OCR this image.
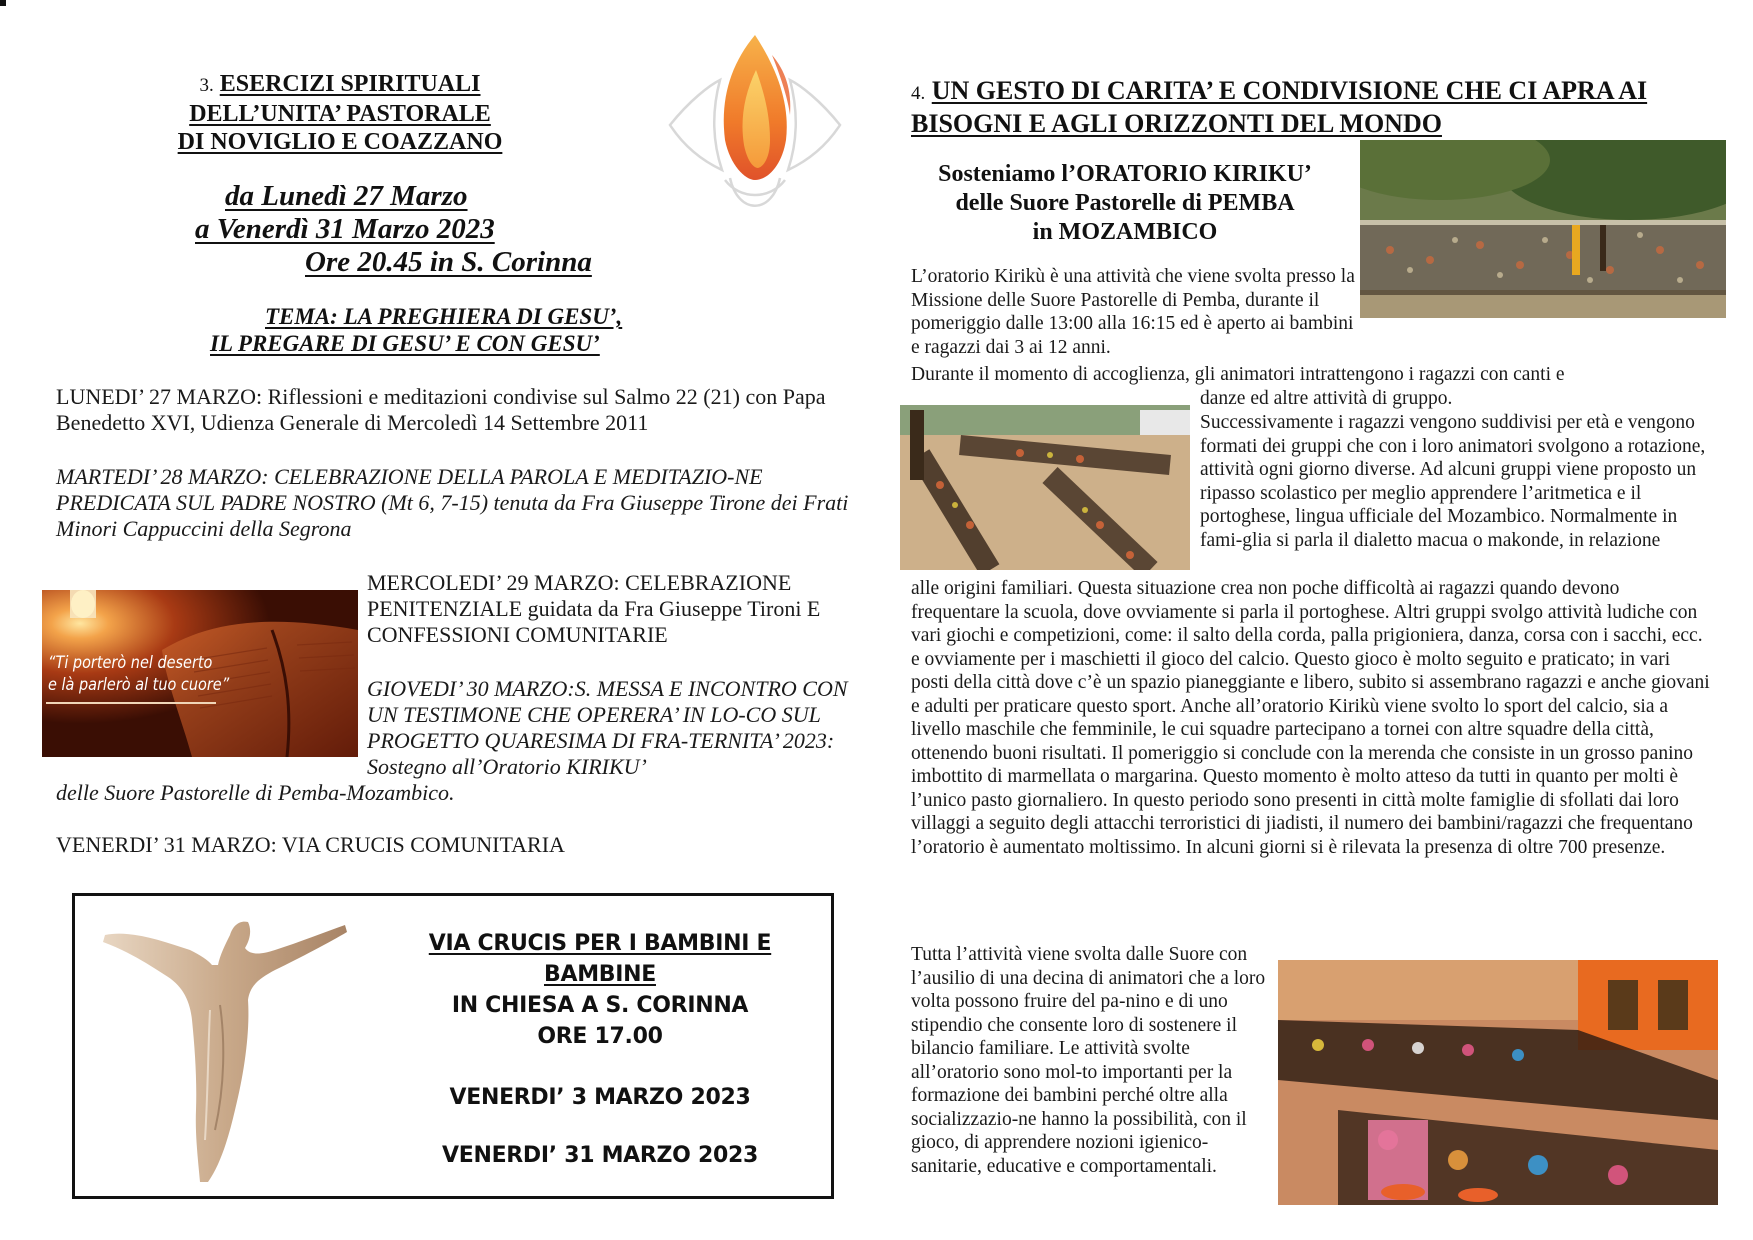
3. ESERCIZI SPIRITUALI
DELL’UNITA’ PASTORALE
DI NOVIGLIO E COAZZANO
da Lunedì 27 Marzo
a Venerdì 31 Marzo 2023
Ore 20.45 in S. Corinna
TEMA: LA PREGHIERA DI GESU’,
IL PREGARE DI GESU’ E CON GESU’
LUNEDI’ 27 MARZO: Riflessioni e meditazioni condivise sul Salmo 22 (21) con Papa Benedetto XVI, Udienza Generale di Mercoledì 14 Settembre 2011
MARTEDI’ 28 MARZO: CELEBRAZIONE DELLA PAROLA E MEDITAZIO-NE PREDICATA SUL PADRE NOSTRO (Mt 6, 7-15) tenuta da Fra Giuseppe Tirone dei Frati Minori Cappuccini della Segrona
“Ti porterò nel deserto
e là parlerò al tuo cuore”
MERCOLEDI’ 29 MARZO: CELEBRAZIONE PENITENZIALE guidata da Fra Giuseppe Tironi E CONFESSIONI COMUNITARIE
GIOVEDI’ 30 MARZO:S. MESSA E INCONTRO CON UN TESTIMONE CHE OPERERA’ IN LO-CO SUL PROGETTO QUARESIMA DI FRA-TERNITA’ 2023: Sostegno all’Oratorio KIRIKU’
delle Suore Pastorelle di Pemba-Mozambico.
VENERDI’ 31 MARZO: VIA CRUCIS COMUNITARIA
VIA CRUCIS PER I BAMBINI E BAMBINE
IN CHIESA A S. CORINNA
ORE 17.00
VENERDI’ 3 MARZO 2023
VENERDI’ 31 MARZO 2023
4. UN GESTO DI CARITA’ E CONDIVISIONE CHE CI APRA AI
BISOGNI E AGLI ORIZZONTI DEL MONDO
Sosteniamo l’ORATORIO KIRIKU’
delle Suore Pastorelle di PEMBA
in MOZAMBICO
L’oratorio Kirikù è una attività che viene svolta presso la Missione delle Suore Pastorelle di Pemba, durante il pomeriggio dalle 13:00 alla 16:15 ed è aperto ai bambini e ragazzi dai 3 ai 12 anni.
Durante il momento di accoglienza, gli animatori intrattengono i ragazzi con canti e
danze ed altre attività di gruppo.
Successivamente i ragazzi vengono suddivisi per età e vengono formati dei gruppi che con i loro animatori svolgono a rotazione, attività ogni giorno diverse. Ad alcuni gruppi viene proposto un ripasso scolastico per meglio apprendere l’aritmetica e il portoghese, lingua ufficiale del Mozambico. Normalmente in fami-glia si parla il dialetto macua o makonde, in relazione
alle origini familiari. Questa situazione crea non poche difficoltà ai ragazzi quando devono frequentare la scuola, dove ovviamente si parla il portoghese. Altri gruppi svolgo attività ludiche con vari giochi e competizioni, come: il salto della corda, palla prigioniera, danza, corsa con i sacchi, ecc. e ovviamente per i maschietti il gioco del calcio. Questo gioco è molto seguito e praticato; in vari posti della città dove c’è un spazio pianeggiante e libero, subito si assembrano ragazzi e anche giovani e adulti per praticare questo sport. Anche all’oratorio Kirikù viene svolto lo sport del calcio, sia a livello maschile che femminile, le cui squadre partecipano a tornei con altre squadre della città, ottenendo buoni risultati. Il pomeriggio si conclude con la merenda che consiste in un grosso panino imbottito di marmellata o margarina. Questo momento è molto atteso da tutti in quanto per molti è l’unico pasto giornaliero. In questo periodo sono presenti in città molte famiglie di sfollati dai loro villaggi a seguito degli attacchi terroristici di jiadisti, il numero dei bambini/ragazzi che frequentano l’oratorio è aumentato moltissimo. In alcuni giorni si è rilevata la presenza di oltre 700 presenze.
Tutta l’attività viene svolta dalle Suore con l’ausilio di una decina di animatori che a loro volta possono fruire del pa-nino e di uno stipendio che consente loro di sostenere il bilancio familiare. Le attività svolte all’oratorio sono mol-to importanti per la formazione dei bambini perché oltre alla socializzazio-ne hanno la possibilità, con il gioco, di apprendere nozioni igienico-sanitarie, educative e comportamentali.
